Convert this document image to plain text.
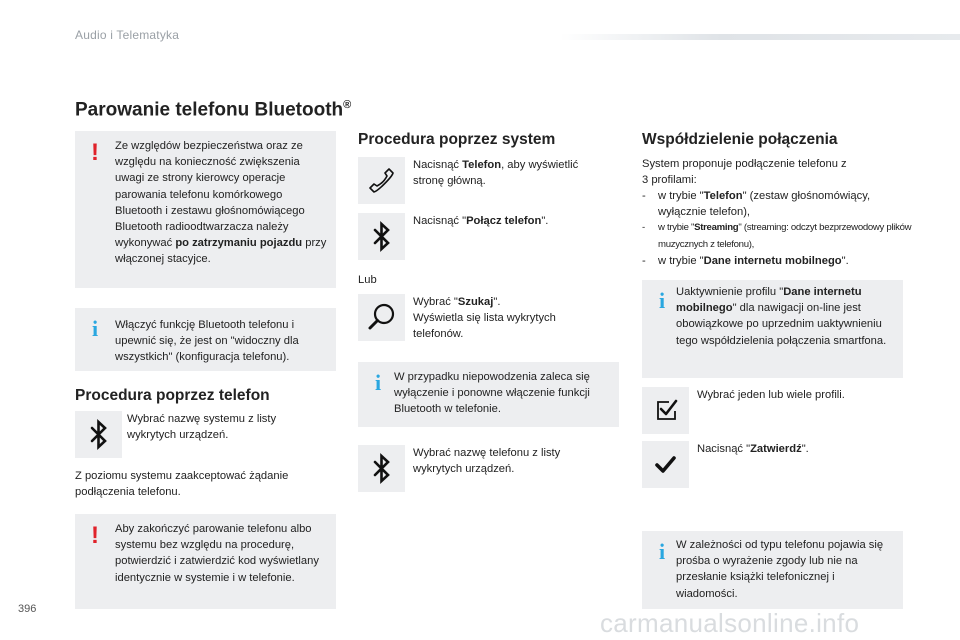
Audio i Telematyka
Parowanie telefonu Bluetooth®
!	Ze względów bezpieczeństwa oraz ze względu na konieczność zwiększenia uwagi ze strony kierowcy operacje parowania telefonu komórkowego Bluetooth i zestawu głośnomówiącego Bluetooth radioodtwarzacza należy wykonywać po zatrzymaniu pojazdu przy włączonej stacyjce.
i	Włączyć funkcję Bluetooth telefonu i upewnić się, że jest on "widoczny dla wszystkich" (konfiguracja telefonu).
Procedura poprzez telefon
Wybrać nazwę systemu z listy wykrytych urządzeń.
Z poziomu systemu zaakceptować żądanie podłączenia telefonu.
!	Aby zakończyć parowanie telefonu albo systemu bez względu na procedurę, potwierdzić i zatwierdzić kod wyświetlany identycznie w systemie i w telefonie.
Procedura poprzez system
Nacisnąć Telefon, aby wyświetlić stronę główną.
Nacisnąć "Połącz telefon".
Lub
Wybrać "Szukaj".
Wyświetla się lista wykrytych telefonów.
i	W przypadku niepowodzenia zaleca się wyłączenie i ponowne włączenie funkcji Bluetooth w telefonie.
Wybrać nazwę telefonu z listy wykrytych urządzeń.
Współdzielenie połączenia
System proponuje podłączenie telefonu z 3 profilami:
- w trybie "Telefon" (zestaw głośnomówiący, wyłącznie telefon),
- w trybie "Streaming" (streaming: odczyt bezprzewodowy plików muzycznych z telefonu),
- w trybie "Dane internetu mobilnego".
i Uaktywnienie profilu "Dane internetu mobilnego" dla nawigacji on-line jest obowiązkowe po uprzednim uaktywnieniu tego współdzielenia połączenia smartfona.
Wybrać jeden lub wiele profili.
Nacisnąć "Zatwierdź".
i W zależności od typu telefonu pojawia się prośba o wyrażenie zgody lub nie na przesłanie książki telefonicznej i wiadomości.
396	carmanualsonline.info
